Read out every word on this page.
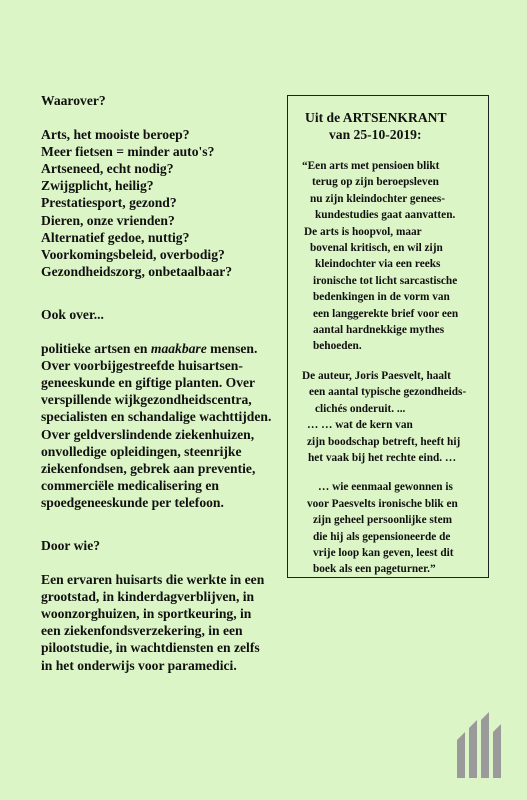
Waarover?

Arts, het mooiste beroep?
Meer fietsen = minder auto's?
Artseneed, echt nodig?
Zwijgplicht, heilig?
Prestatiesport, gezond?
Dieren, onze vrienden?
Alternatief gedoe, nuttig?
Voorkomingsbeleid, overbodig?
Gezondheidszorg, onbetaalbaar?

Ook over...

politieke artsen en maakbare mensen.
Over voorbijgestreefde huisartsen-
geneeskunde en giftige planten. Over
verspillende wijkgezondheidscentra,
specialisten en schandalige wachttijden.
Over geldverslindende ziekenhuizen,
onvolledige opleidingen, steenrijke
ziekenfondsen, gebrek aan preventie,
commerciële medicalisering en
spoedgeneeskunde per telefoon.

Door wie?

Een ervaren huisarts die werkte in een
grootstad, in kinderdagverblijven, in
woonzorghuizen, in sportkeuring, in
een ziekenfondsverzekering, in een
pilootstudie, in wachtdiensten en zelfs
in het onderwijs voor paramedici.
Uit de ARTSENKRANT
van 25-10-2019:
“Een arts met pensioen blikt
terug op zijn beroepsleven
nu zijn kleindochter genees-
kundestudies gaat aanvatten.
De arts is hoopvol, maar
bovenal kritisch, en wil zijn
kleindochter via een reeks
ironische tot licht sarcastische
bedenkingen in de vorm van
een langgerekte brief voor een
aantal hardnekkige mythes
behoeden.
De auteur, Joris Paesvelt, haalt
een aantal typische gezondheids-
clichés onderuit. ...
… … wat de kern van
zijn boodschap betreft, heeft hij
het vaak bij het rechte eind. …
… wie eenmaal gewonnen is
voor Paesvelts ironische blik en
zijn geheel persoonlijke stem
die hij als gepensioneerde de
vrije loop kan geven, leest dit
boek als een pageturner.”
